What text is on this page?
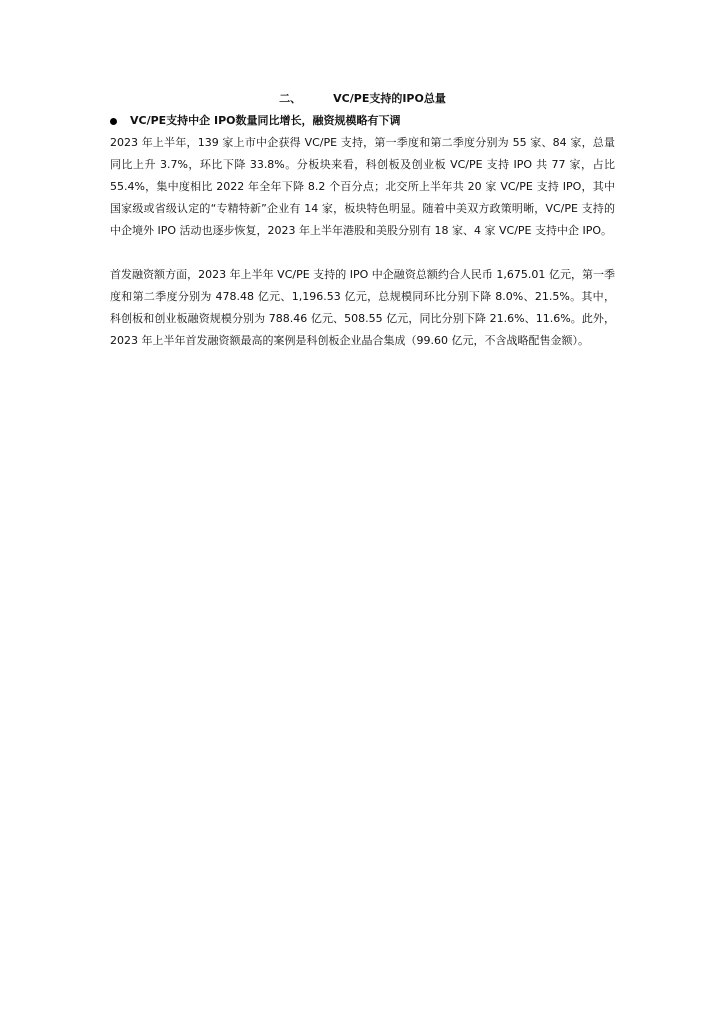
二、	VC/PE支持的IPO总量
VC/PE支持中企 IPO数量同比增长，融资规模略有下调

2023 年上半年，139 家上市中企获得 VC/PE 支持，第一季度和第二季度分别为 55 家、84 家，总量同比上升 3.7%，环比下降 33.8%。分板块来看，科创板及创业板 VC/PE 支持 IPO 共 77 家，占比 55.4%，集中度相比 2022 年全年下降 8.2 个百分点；北交所上半年共 20 家 VC/PE 支持 IPO，其中国家级或省级认定的“专精特新”企业有 14 家，板块特色明显。随着中美双方政策明晰，VC/PE 支持的中企境外 IPO 活动也逐步恢复，2023 年上半年港股和美股分别有 18 家、4 家 VC/PE 支持中企 IPO。

首发融资额方面，2023 年上半年 VC/PE 支持的 IPO 中企融资总额约合人民币 1,675.01 亿元，第一季度和第二季度分别为 478.48 亿元、1,196.53 亿元，总规模同环比分别下降 8.0%、21.5%。其中，科创板和创业板融资规模分别为 788.46 亿元、508.55 亿元，同比分别下降 21.6%、11.6%。此外，2023 年上半年首发融资额最高的案例是科创板企业晶合集成（99.60 亿元，不含战略配售金额）。
